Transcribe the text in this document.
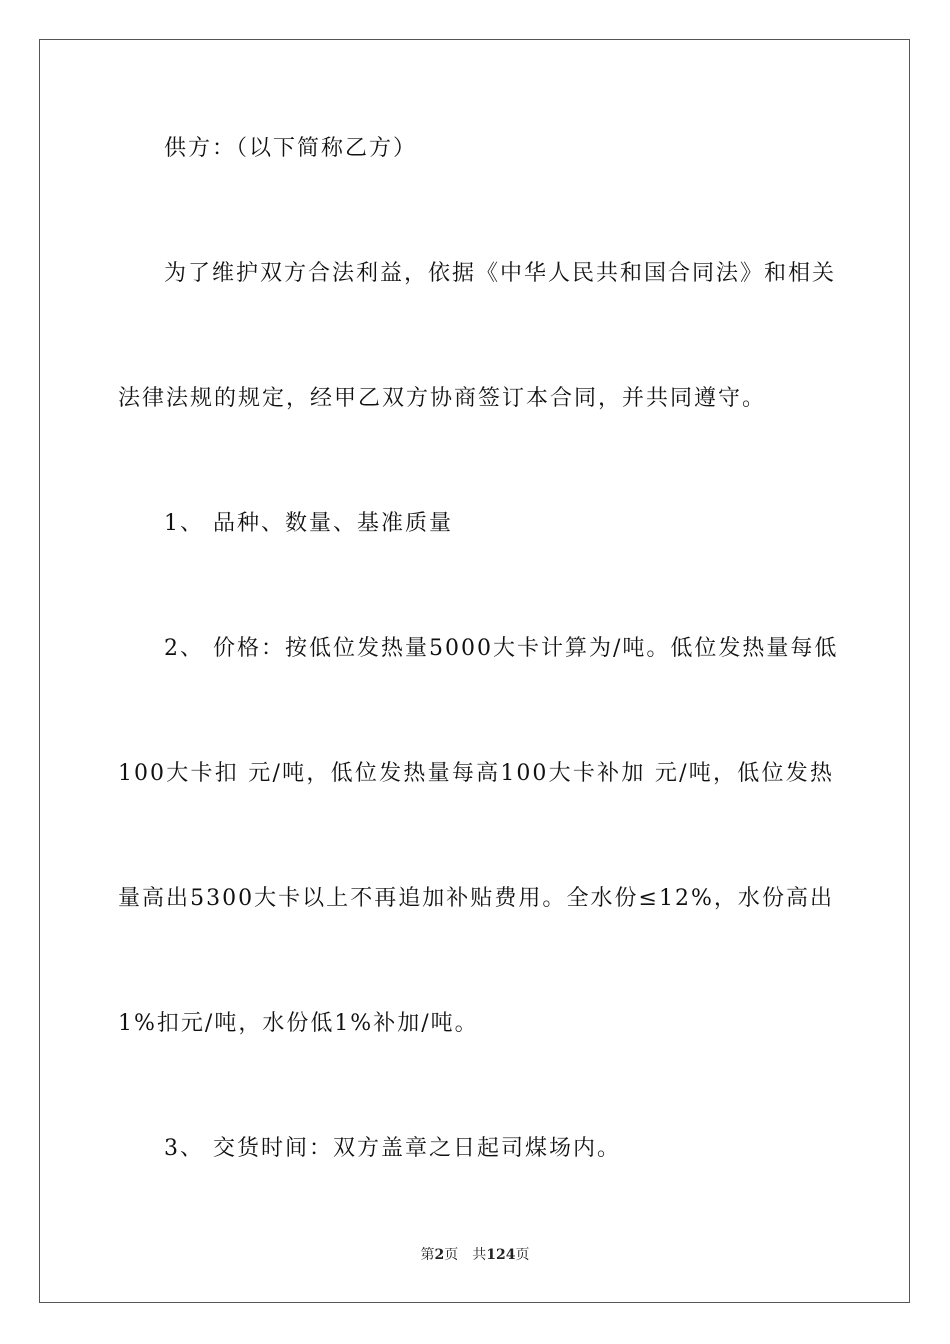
供方：（以下简称乙方）
为了维护双方合法利益，依据《中华人民共和国合同法》和相关
法律法规的规定，经甲乙双方协商签订本合同，并共同遵守。
1、 品种、数量、基准质量
2、 价格：按低位发热量5000大卡计算为/吨。低位发热量每低
100大卡扣 元/吨，低位发热量每高100大卡补加 元/吨，低位发热
量高出5300大卡以上不再追加补贴费用。全水份≤12%，水份高出
1%扣元/吨，水份低1%补加/吨。
3、 交货时间：双方盖章之日起司煤场内。
第2页　共124页
